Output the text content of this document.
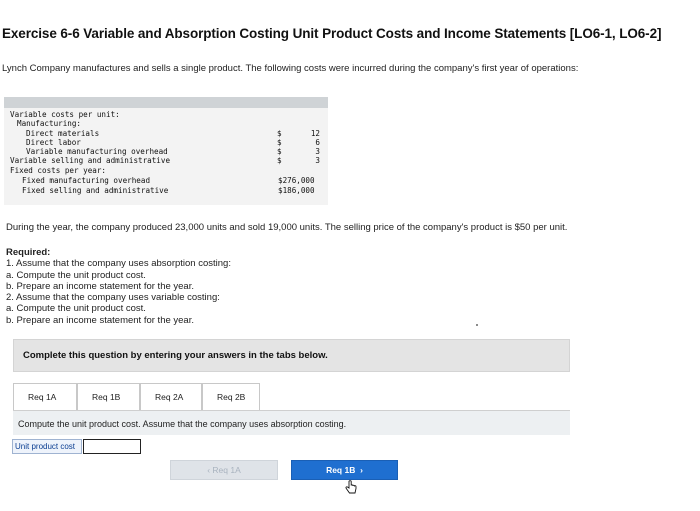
Exercise 6-6 Variable and Absorption Costing Unit Product Costs and Income Statements [LO6-1, LO6-2]
Lynch Company manufactures and sells a single product. The following costs were incurred during the company's first year of operations:
Variable costs per unit:
Manufacturing:
Direct materials	$	12
Direct labor	$	6
Variable manufacturing overhead	$	3
Variable selling and administrative	$	3
Fixed costs per year:
Fixed manufacturing overhead	$276,000
Fixed selling and administrative	$186,000
During the year, the company produced 23,000 units and sold 19,000 units. The selling price of the company's product is $50 per unit.
Required:
1. Assume that the company uses absorption costing:
a. Compute the unit product cost.
b. Prepare an income statement for the year.
2. Assume that the company uses variable costing:
a. Compute the unit product cost.
b. Prepare an income statement for the year.
Complete this question by entering your answers in the tabs below.
Req 1A	Req 1B	Req 2A	Req 2B
Compute the unit product cost. Assume that the company uses absorption costing.
Unit product cost
‹ Req 1A	Req 1B  ›
